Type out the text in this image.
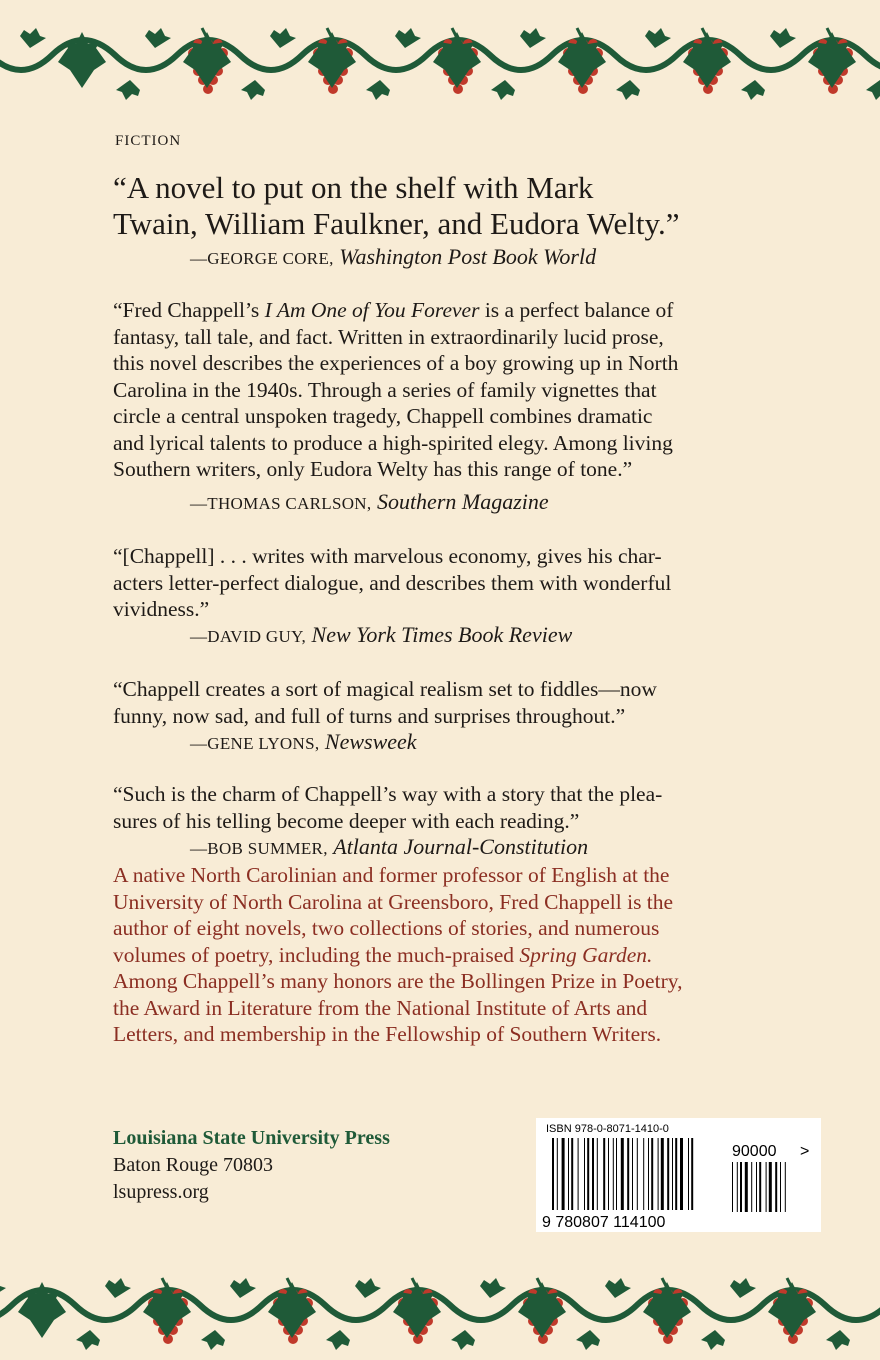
FICTION
“A novel to put on the shelf with Mark
Twain, William Faulkner, and Eudora Welty.”
—GEORGE CORE, Washington Post Book World
“Fred Chappell’s I Am One of You Forever is a perfect balance of
fantasy, tall tale, and fact. Written in extraordinarily lucid prose,
this novel describes the experiences of a boy growing up in North
Carolina in the 1940s. Through a series of family vignettes that
circle a central unspoken tragedy, Chappell combines dramatic
and lyrical talents to produce a high-spirited elegy. Among living
Southern writers, only Eudora Welty has this range of tone.”
—THOMAS CARLSON, Southern Magazine
“[Chappell] . . . writes with marvelous economy, gives his char-
acters letter-perfect dialogue, and describes them with wonderful
vividness.”
—DAVID GUY, New York Times Book Review
“Chappell creates a sort of magical realism set to fiddles—now
funny, now sad, and full of turns and surprises throughout.”
—GENE LYONS, Newsweek
“Such is the charm of Chappell’s way with a story that the plea-
sures of his telling become deeper with each reading.”
—BOB SUMMER, Atlanta Journal-Constitution
A native North Carolinian and former professor of English at the
University of North Carolina at Greensboro, Fred Chappell is the
author of eight novels, two collections of stories, and numerous
volumes of poetry, including the much-praised Spring Garden.
Among Chappell’s many honors are the Bollingen Prize in Poetry,
the Award in Literature from the National Institute of Arts and
Letters, and membership in the Fellowship of Southern Writers.
Louisiana State University Press
Baton Rouge 70803
lsupress.org
ISBN 978-0-8071-1410-0
90000 >
9 780807 114100
